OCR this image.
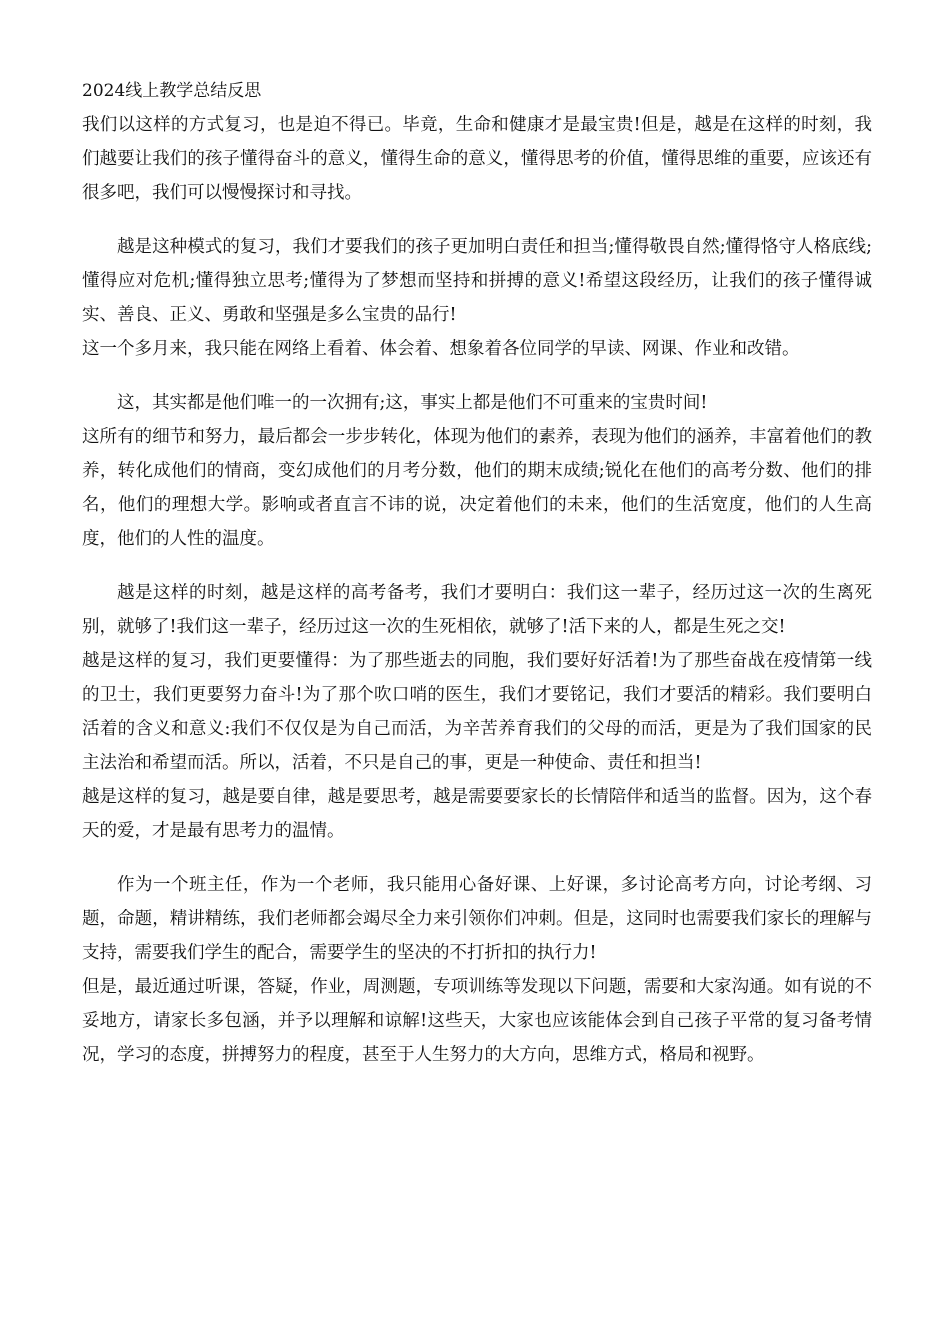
2024线上教学总结反思

我们以这样的方式复习，也是迫不得已。毕竟，生命和健康才是最宝贵!但是，越是在这样的时刻，我们越要让我们的孩子懂得奋斗的意义，懂得生命的意义，懂得思考的价值，懂得思维的重要，应该还有很多吧，我们可以慢慢探讨和寻找。

越是这种模式的复习，我们才要我们的孩子更加明白责任和担当;懂得敬畏自然;懂得恪守人格底线;懂得应对危机;懂得独立思考;懂得为了梦想而坚持和拼搏的意义!希望这段经历，让我们的孩子懂得诚实、善良、正义、勇敢和坚强是多么宝贵的品行!

这一个多月来，我只能在网络上看着、体会着、想象着各位同学的早读、网课、作业和改错。

这，其实都是他们唯一的一次拥有;这，事实上都是他们不可重来的宝贵时间!

这所有的细节和努力，最后都会一步步转化，体现为他们的素养，表现为他们的涵养，丰富着他们的教养，转化成他们的情商，变幻成他们的月考分数，他们的期末成绩;锐化在他们的高考分数、他们的排名，他们的理想大学。影响或者直言不讳的说，决定着他们的未来，他们的生活宽度，他们的人生高度，他们的人性的温度。

越是这样的时刻，越是这样的高考备考，我们才要明白：我们这一辈子，经历过这一次的生离死别，就够了!我们这一辈子，经历过这一次的生死相依，就够了!活下来的人，都是生死之交!

越是这样的复习，我们更要懂得：为了那些逝去的同胞，我们要好好活着!为了那些奋战在疫情第一线的卫士，我们更要努力奋斗!为了那个吹口哨的医生，我们才要铭记，我们才要活的精彩。我们要明白活着的含义和意义:我们不仅仅是为自己而活，为辛苦养育我们的父母的而活，更是为了我们国家的民主法治和希望而活。所以，活着，不只是自己的事，更是一种使命、责任和担当!

越是这样的复习，越是要自律，越是要思考，越是需要要家长的长情陪伴和适当的监督。因为，这个春天的爱，才是最有思考力的温情。

作为一个班主任，作为一个老师，我只能用心备好课、上好课，多讨论高考方向，讨论考纲、习题，命题，精讲精练，我们老师都会竭尽全力来引领你们冲刺。但是，这同时也需要我们家长的理解与支持，需要我们学生的配合，需要学生的坚决的不打折扣的执行力!

但是，最近通过听课，答疑，作业，周测题，专项训练等发现以下问题，需要和大家沟通。如有说的不妥地方，请家长多包涵，并予以理解和谅解!这些天，大家也应该能体会到自己孩子平常的复习备考情况，学习的态度，拼搏努力的程度，甚至于人生努力的大方向，思维方式，格局和视野。
